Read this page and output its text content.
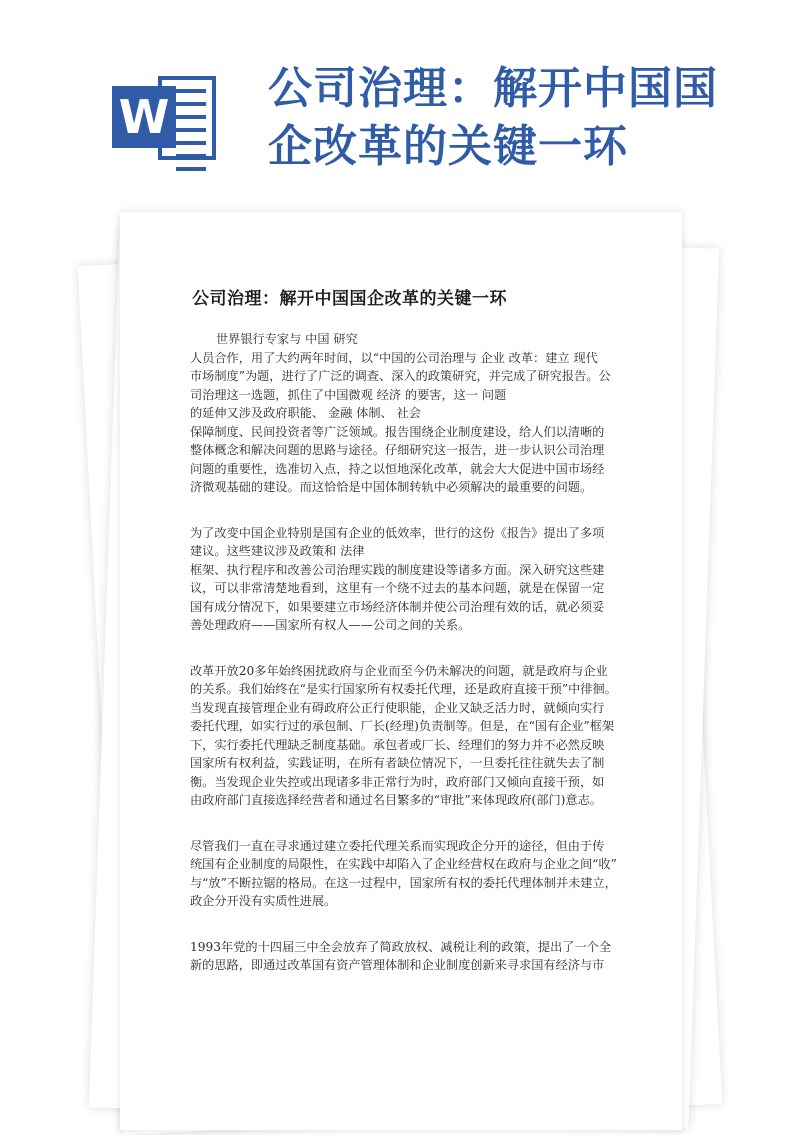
W
公司治理：解开中国国
企改革的关键一环
公司治理：解开中国国企改革的关键一环

世界银行专家与 中国 研究
人员合作，用了大约两年时间，以“中国的公司治理与 企业 改革：建立 现代
市场制度”为题，进行了广泛的调查、深入的政策研究，并完成了研究报告。公
司治理这一选题，抓住了中国微观 经济 的要害，这一 问题
的延伸又涉及政府职能、 金融 体制、 社会
保障制度、民间投资者等广泛领域。报告围绕企业制度建设，给人们以清晰的
整体概念和解决问题的思路与途径。仔细研究这一报告，进一步认识公司治理
问题的重要性，选准切入点，持之以恒地深化改革，就会大大促进中国市场经
济微观基础的建设。而这恰恰是中国体制转轨中必须解决的最重要的问题。

为了改变中国企业特别是国有企业的低效率，世行的这份《报告》提出了多项
建议。这些建议涉及政策和 法律
框架、执行程序和改善公司治理实践的制度建设等诸多方面。深入研究这些建
议，可以非常清楚地看到，这里有一个绕不过去的基本问题，就是在保留一定
国有成分情况下，如果要建立市场经济体制并使公司治理有效的话，就必须妥
善处理政府——国家所有权人——公司之间的关系。

改革开放20多年始终困扰政府与企业而至今仍未解决的问题，就是政府与企业
的关系。我们始终在“是实行国家所有权委托代理，还是政府直接干预”中徘徊。
当发现直接管理企业有碍政府公正行使职能，企业又缺乏活力时，就倾向实行
委托代理，如实行过的承包制、厂长(经理)负责制等。但是，在“国有企业”框架
下，实行委托代理缺乏制度基础。承包者或厂长、经理们的努力并不必然反映
国家所有权利益，实践证明，在所有者缺位情况下，一旦委托往往就失去了制
衡。当发现企业失控或出现诸多非正常行为时，政府部门又倾向直接干预，如
由政府部门直接选择经营者和通过名目繁多的“审批”来体现政府(部门)意志。

尽管我们一直在寻求通过建立委托代理关系而实现政企分开的途径，但由于传
统国有企业制度的局限性，在实践中却陷入了企业经营权在政府与企业之间“收”
与“放”不断拉锯的格局。在这一过程中，国家所有权的委托代理体制并未建立，
政企分开没有实质性进展。

1993年党的十四届三中全会放弃了简政放权、减税让利的政策，提出了一个全
新的思路，即通过改革国有资产管理体制和企业制度创新来寻求国有经济与市
